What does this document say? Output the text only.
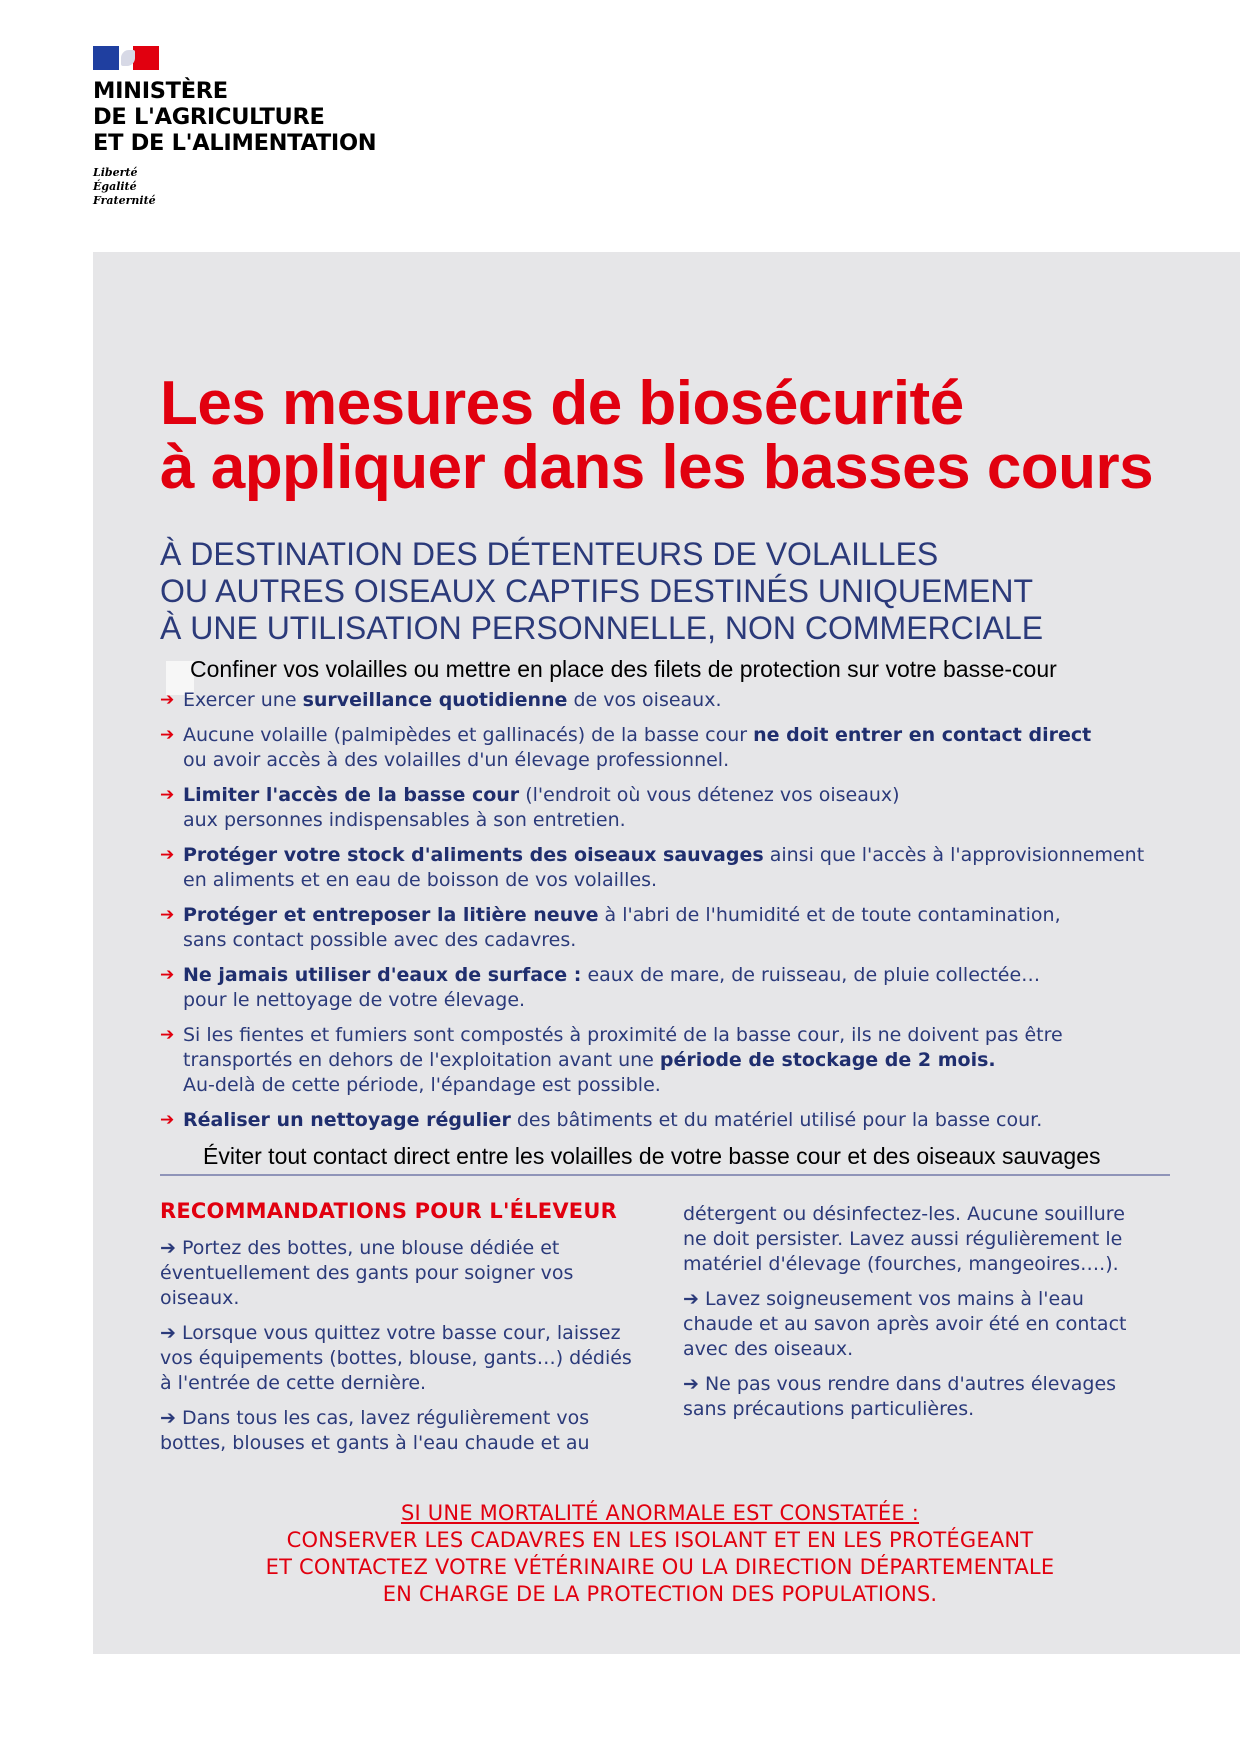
MINISTÈRE
DE L'AGRICULTURE
ET DE L'ALIMENTATION
Liberté
Égalité
Fraternité
Les mesures de biosécurité
à appliquer dans les basses cours
À DESTINATION DES DÉTENTEURS DE VOLAILLES
OU AUTRES OISEAUX CAPTIFS DESTINÉS UNIQUEMENT
À UNE UTILISATION PERSONNELLE, NON COMMERCIALE
Confiner vos volailles ou mettre en place des filets de protection sur votre basse-cour
➔ Exercer une surveillance quotidienne de vos oiseaux.
➔ Aucune volaille (palmipèdes et gallinacés) de la basse cour ne doit entrer en contact direct
ou avoir accès à des volailles d'un élevage professionnel.
➔ Limiter l'accès de la basse cour (l'endroit où vous détenez vos oiseaux)
aux personnes indispensables à son entretien.
➔ Protéger votre stock d'aliments des oiseaux sauvages ainsi que l'accès à l'approvisionnement
en aliments et en eau de boisson de vos volailles.
➔ Protéger et entreposer la litière neuve à l'abri de l'humidité et de toute contamination,
sans contact possible avec des cadavres.
➔ Ne jamais utiliser d'eaux de surface : eaux de mare, de ruisseau, de pluie collectée…
pour le nettoyage de votre élevage.
➔ Si les fientes et fumiers sont compostés à proximité de la basse cour, ils ne doivent pas être
transportés en dehors de l'exploitation avant une période de stockage de 2 mois.
Au-delà de cette période, l'épandage est possible.
➔ Réaliser un nettoyage régulier des bâtiments et du matériel utilisé pour la basse cour.
Éviter tout contact direct entre les volailles de votre basse cour et des oiseaux sauvages
RECOMMANDATIONS POUR L'ÉLEVEUR

➔ Portez des bottes, une blouse dédiée et
éventuellement des gants pour soigner vos
oiseaux.

➔ Lorsque vous quittez votre basse cour, laissez
vos équipements (bottes, blouse, gants…) dédiés
à l'entrée de cette dernière.

➔ Dans tous les cas, lavez régulièrement vos
bottes, blouses et gants à l'eau chaude et au

détergent ou désinfectez-les. Aucune souillure
ne doit persister. Lavez aussi régulièrement le
matériel d'élevage (fourches, mangeoires….).

➔ Lavez soigneusement vos mains à l'eau
chaude et au savon après avoir été en contact
avec des oiseaux.

➔ Ne pas vous rendre dans d'autres élevages
sans précautions particulières.

SI UNE MORTALITÉ ANORMALE EST CONSTATÉE :
CONSERVER LES CADAVRES EN LES ISOLANT ET EN LES PROTÉGEANT
ET CONTACTEZ VOTRE VÉTÉRINAIRE OU LA DIRECTION DÉPARTEMENTALE
EN CHARGE DE LA PROTECTION DES POPULATIONS.
